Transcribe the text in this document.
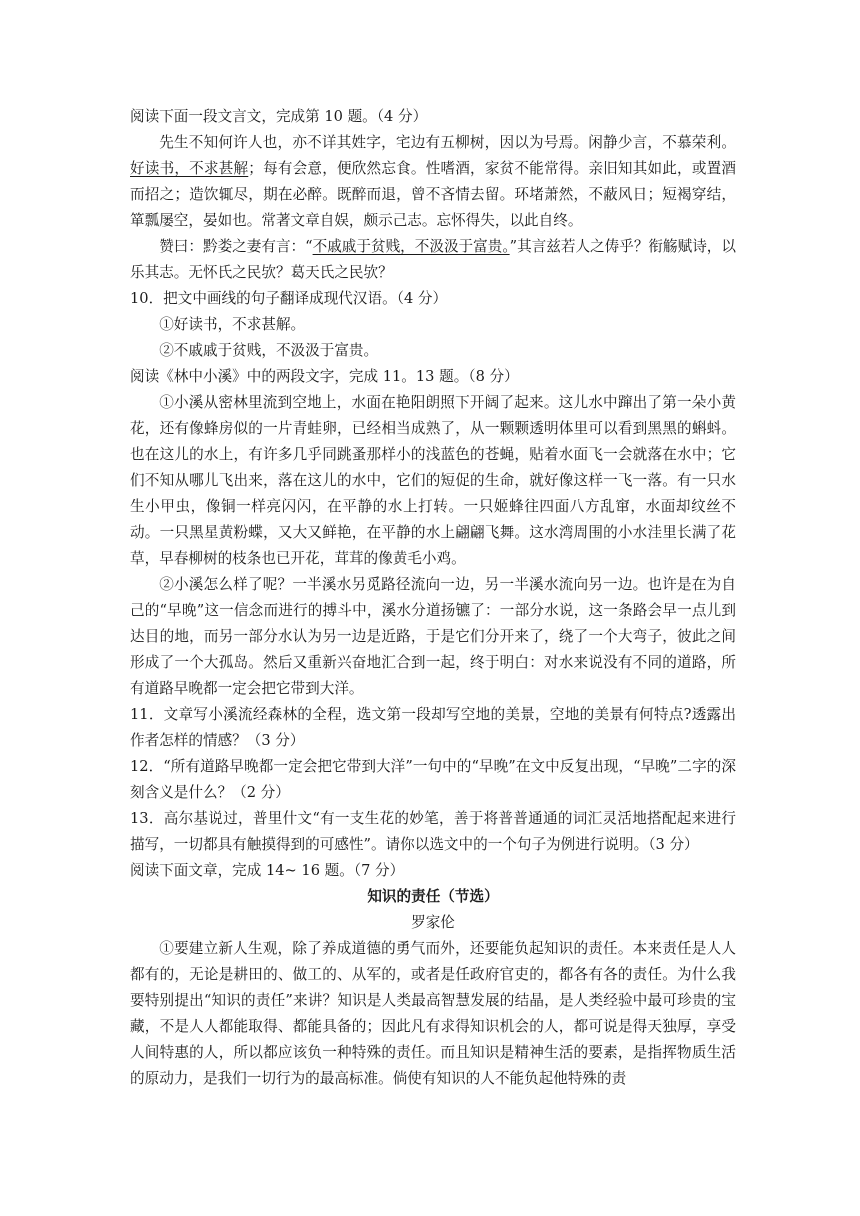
阅读下面一段文言文，完成第 10 题。（4 分）

先生不知何许人也，亦不详其姓字，宅边有五柳树，因以为号焉。闲静少言，不慕荣利。好读书，不求甚解；每有会意，便欣然忘食。性嗜酒，家贫不能常得。亲旧知其如此，或置酒而招之；造饮辄尽，期在必醉。既醉而退，曾不吝情去留。环堵萧然，不蔽风日；短褐穿结，箪瓢屡空，晏如也。常著文章自娱，颇示己志。忘怀得失，以此自终。

赞曰：黔娄之妻有言：“不戚戚于贫贱，不汲汲于富贵。”其言兹若人之俦乎？衔觞赋诗，以乐其志。无怀氏之民欤？葛天氏之民欤？

10．把文中画线的句子翻译成现代汉语。（4 分）

①好读书，不求甚解。

②不戚戚于贫贱，不汲汲于富贵。

阅读《林中小溪》中的两段文字，完成 11。13 题。（8 分）

①小溪从密林里流到空地上，水面在艳阳朗照下开阔了起来。这儿水中蹿出了第一朵小黄花，还有像蜂房似的一片青蛙卵，已经相当成熟了，从一颗颗透明体里可以看到黑黑的蝌蚪。也在这儿的水上，有许多几乎同跳蚤那样小的浅蓝色的苍蝇，贴着水面飞一会就落在水中；它们不知从哪儿飞出来，落在这儿的水中，它们的短促的生命，就好像这样一飞一落。有一只水生小甲虫，像铜一样亮闪闪，在平静的水上打转。一只姬蜂往四面八方乱窜，水面却纹丝不动。一只黑星黄粉蝶，又大又鲜艳，在平静的水上翩翩飞舞。这水湾周围的小水洼里长满了花草，早春柳树的枝条也已开花，茸茸的像黄毛小鸡。

②小溪怎么样了呢？一半溪水另觅路径流向一边，另一半溪水流向另一边。也许是在为自己的“早晚”这一信念而进行的搏斗中，溪水分道扬镳了：一部分水说，这一条路会早一点儿到达目的地，而另一部分水认为另一边是近路，于是它们分开来了，绕了一个大弯子，彼此之间形成了一个大孤岛。然后又重新兴奋地汇合到一起，终于明白：对水来说没有不同的道路，所有道路早晚都一定会把它带到大洋。

11．文章写小溪流经森林的全程，选文第一段却写空地的美景，空地的美景有何特点?透露出作者怎样的情感？（3 分）

12．“所有道路早晚都一定会把它带到大洋”一句中的“早晚”在文中反复出现，“早晚”二字的深刻含义是什么？（2 分）

13．高尔基说过，普里什文“有一支生花的妙笔，善于将普普通通的词汇灵活地搭配起来进行描写，一切都具有触摸得到的可感性”。请你以选文中的一个句子为例进行说明。（3 分）

阅读下面文章，完成 14~ 16 题。（7 分）

知识的责任（节选）

罗家伦

①要建立新人生观，除了养成道德的勇气而外，还要能负起知识的责任。本来责任是人人都有的，无论是耕田的、做工的、从军的，或者是任政府官吏的，都各有各的责任。为什么我要特别提出“知识的责任”来讲？知识是人类最高智慧发展的结晶，是人类经验中最可珍贵的宝藏，不是人人都能取得、都能具备的；因此凡有求得知识机会的人，都可说是得天独厚，享受人间特惠的人，所以都应该负一种特殊的责任。而且知识是精神生活的要素，是指挥物质生活的原动力，是我们一切行为的最高标准。倘使有知识的人不能负起他特殊的责
